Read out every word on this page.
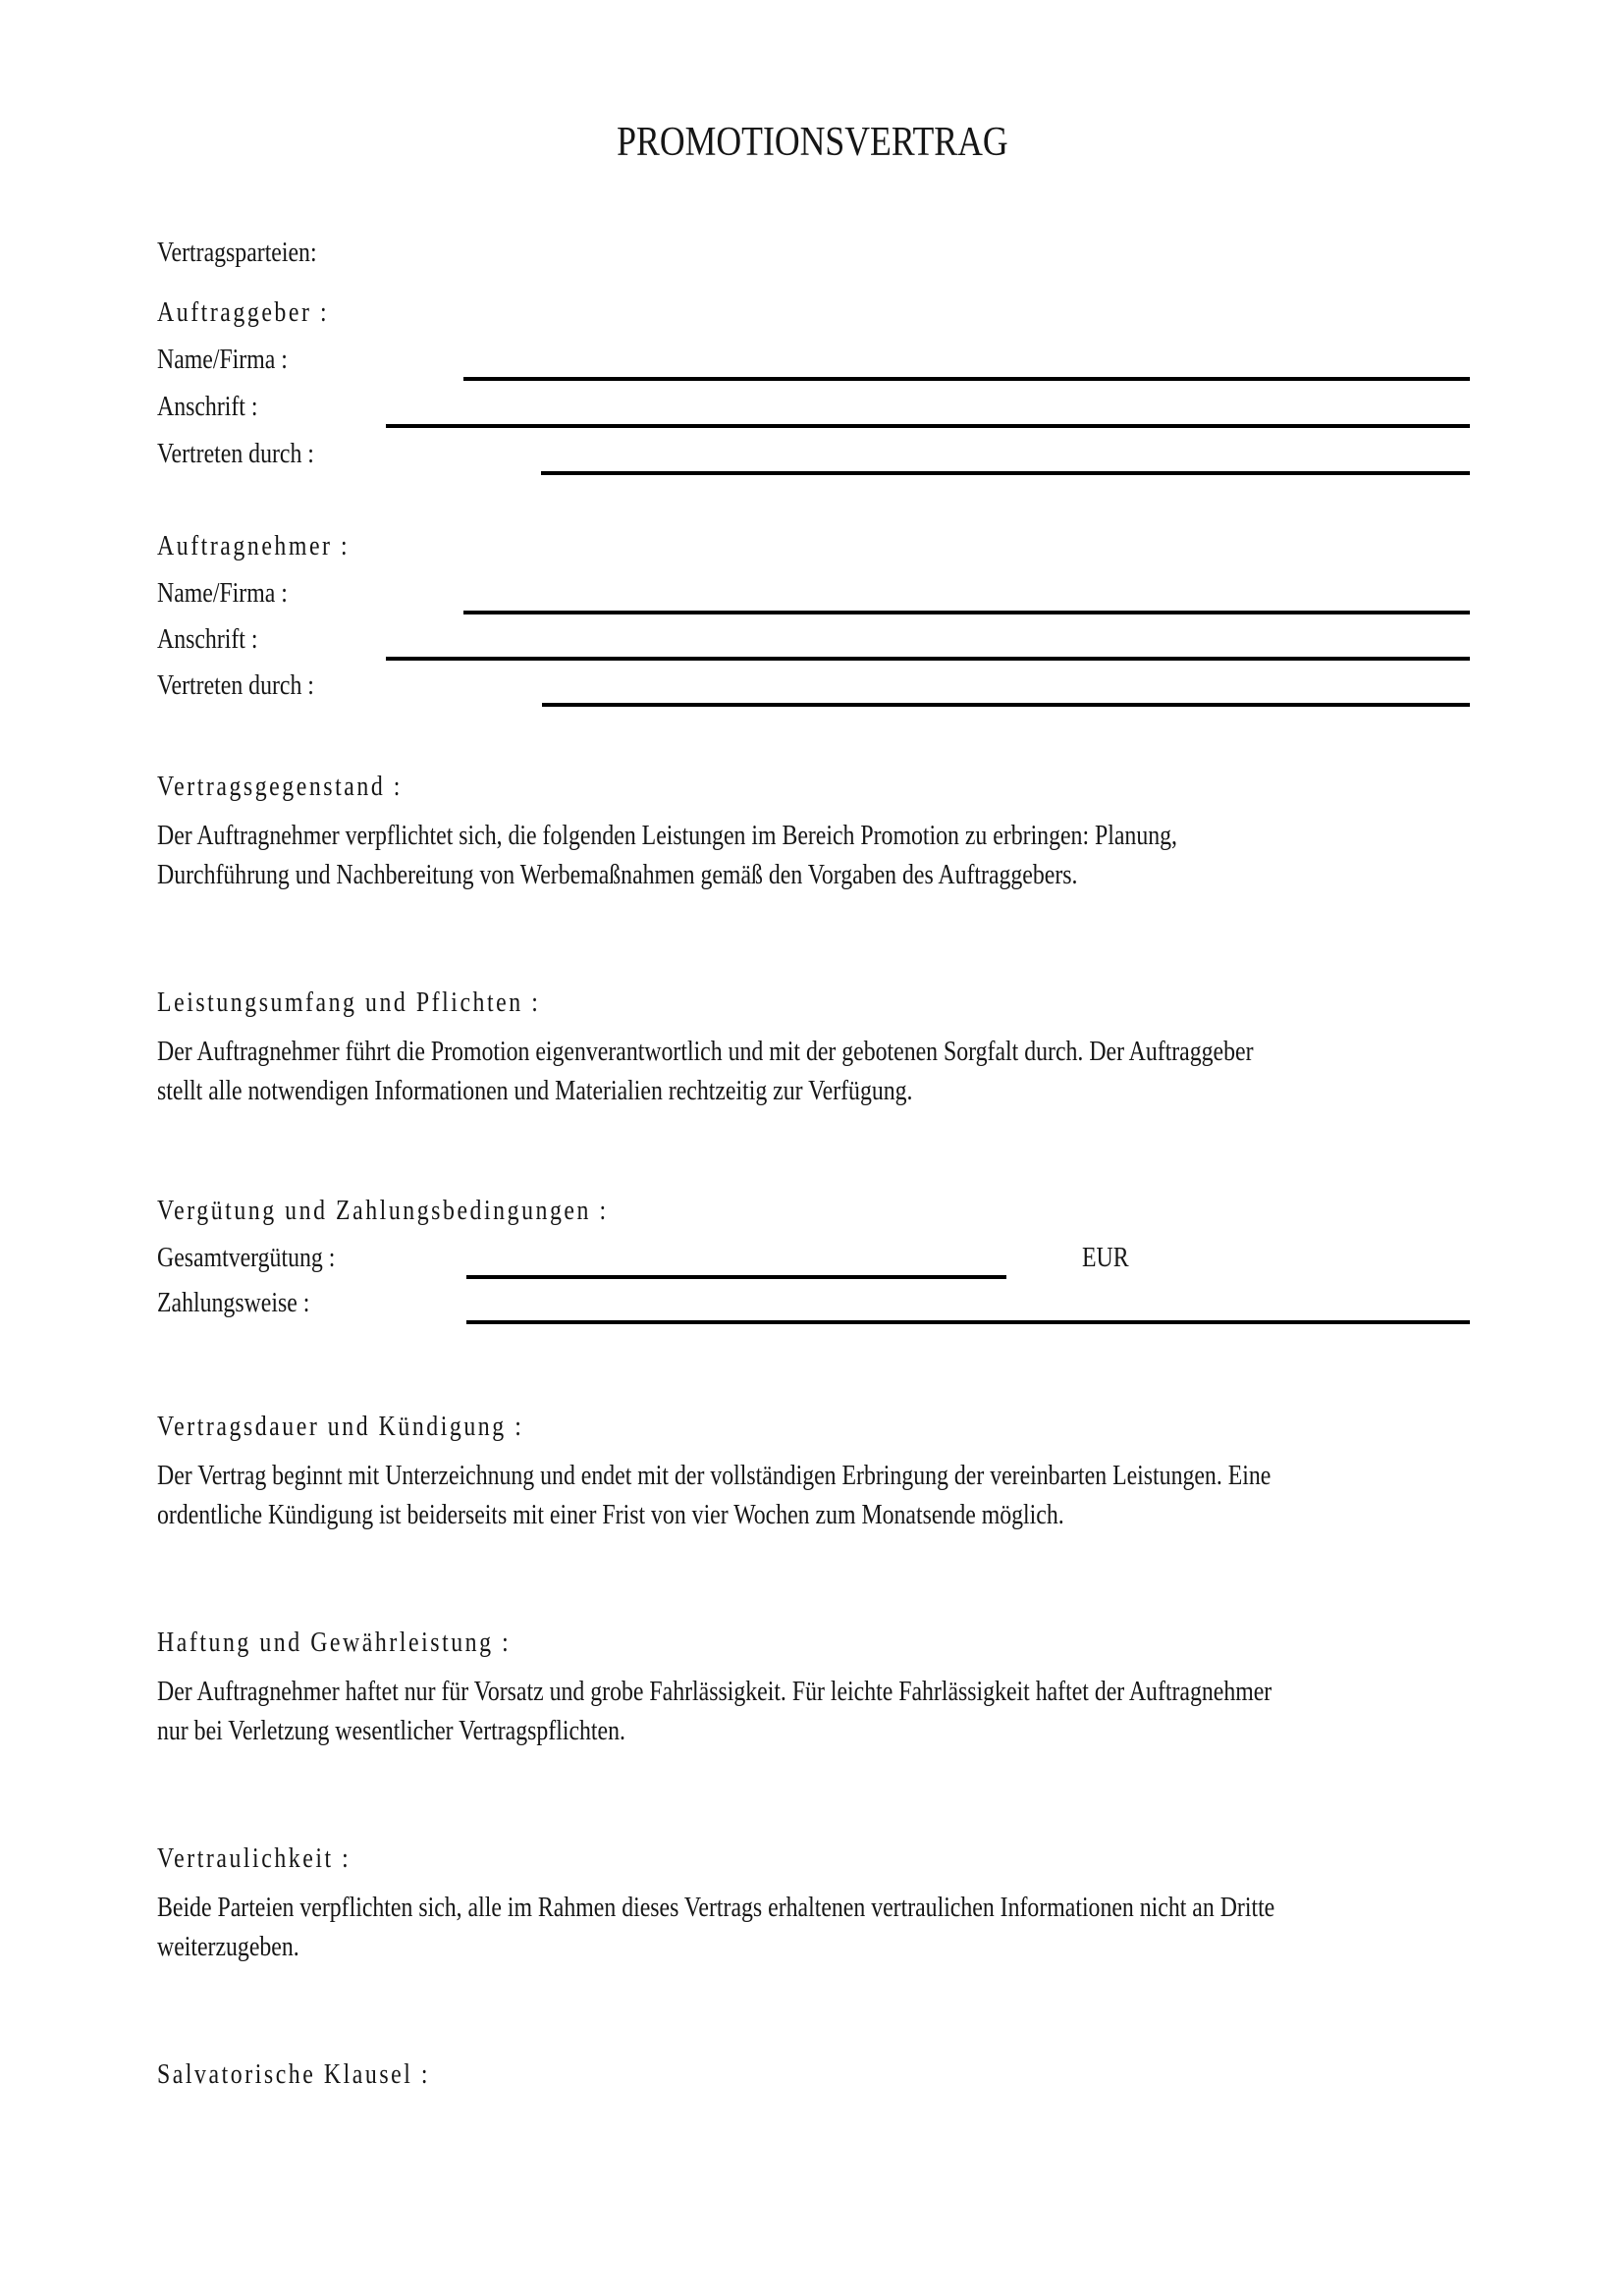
PROMOTIONSVERTRAG
Vertragsparteien:
Auftraggeber :
Name/Firma :
Anschrift :
Vertreten durch :
Auftragnehmer :
Name/Firma :
Anschrift :
Vertreten durch :
Vertragsgegenstand :
Der Auftragnehmer verpflichtet sich, die folgenden Leistungen im Bereich Promotion zu erbringen: Planung,
Durchführung und Nachbereitung von Werbemaßnahmen gemäß den Vorgaben des Auftraggebers.
Leistungsumfang und Pflichten :
Der Auftragnehmer führt die Promotion eigenverantwortlich und mit der gebotenen Sorgfalt durch. Der Auftraggeber
stellt alle notwendigen Informationen und Materialien rechtzeitig zur Verfügung.
Vergütung und Zahlungsbedingungen :
Gesamtvergütung :	EUR
Zahlungsweise :
Vertragsdauer und Kündigung :
Der Vertrag beginnt mit Unterzeichnung und endet mit der vollständigen Erbringung der vereinbarten Leistungen. Eine
ordentliche Kündigung ist beiderseits mit einer Frist von vier Wochen zum Monatsende möglich.
Haftung und Gewährleistung :
Der Auftragnehmer haftet nur für Vorsatz und grobe Fahrlässigkeit. Für leichte Fahrlässigkeit haftet der Auftragnehmer
nur bei Verletzung wesentlicher Vertragspflichten.
Vertraulichkeit :
Beide Parteien verpflichten sich, alle im Rahmen dieses Vertrags erhaltenen vertraulichen Informationen nicht an Dritte
weiterzugeben.
Salvatorische Klausel :
